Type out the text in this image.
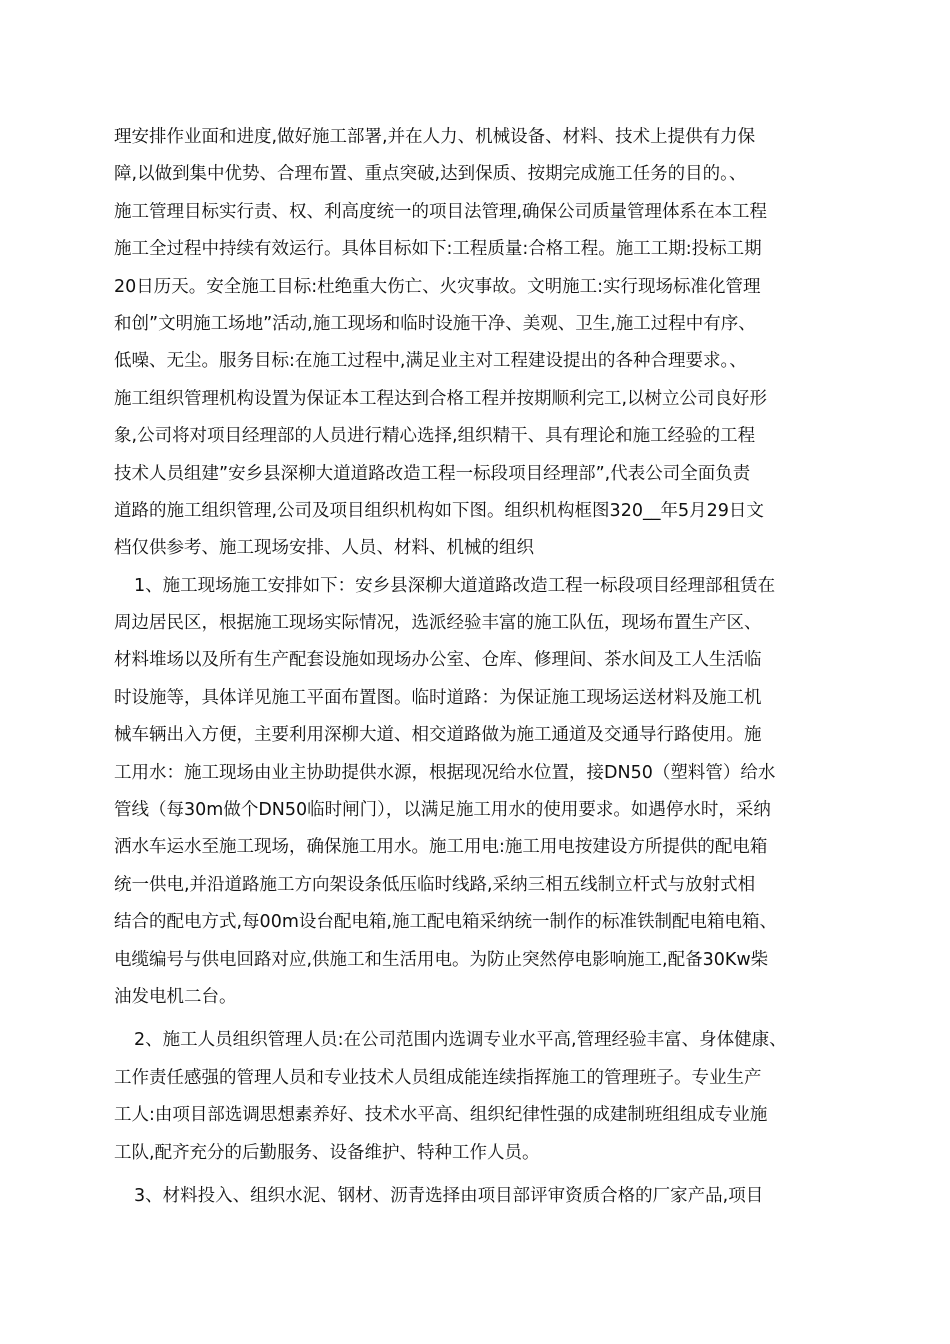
理安排作业面和进度,做好施工部署,并在人力、机械设备、材料、技术上提供有力保
障,以做到集中优势、合理布置、重点突破,达到保质、按期完成施工任务的目的。、
施工管理目标实行责、权、利高度统一的项目法管理,确保公司质量管理体系在本工程
施工全过程中持续有效运行。具体目标如下:工程质量:合格工程。施工工期:投标工期
20日历天。安全施工目标:杜绝重大伤亡、火灾事故。文明施工:实行现场标准化管理
和创”文明施工场地”活动,施工现场和临时设施干净、美观、卫生,施工过程中有序、
低噪、无尘。服务目标:在施工过程中,满足业主对工程建设提出的各种合理要求。、
施工组织管理机构设置为保证本工程达到合格工程并按期顺利完工,以树立公司良好形
象,公司将对项目经理部的人员进行精心选择,组织精干、具有理论和施工经验的工程
技术人员组建”安乡县深柳大道道路改造工程一标段项目经理部”,代表公司全面负责
道路的施工组织管理,公司及项目组织机构如下图。组织机构框图320__年5月29日文
档仅供参考、施工现场安排、人员、材料、机械的组织
1、施工现场施工安排如下：安乡县深柳大道道路改造工程一标段项目经理部租赁在
周边居民区，根据施工现场实际情况，选派经验丰富的施工队伍，现场布置生产区、
材料堆场以及所有生产配套设施如现场办公室、仓库、修理间、茶水间及工人生活临
时设施等，具体详见施工平面布置图。临时道路：为保证施工现场运送材料及施工机
械车辆出入方便，主要利用深柳大道、相交道路做为施工通道及交通导行路使用。施
工用水：施工现场由业主协助提供水源，根据现况给水位置，接DN50（塑料管）给水
管线（每30m做个DN50临时闸门），以满足施工用水的使用要求。如遇停水时，采纳
洒水车运水至施工现场，确保施工用水。施工用电:施工用电按建设方所提供的配电箱
统一供电,并沿道路施工方向架设条低压临时线路,采纳三相五线制立杆式与放射式相
结合的配电方式,每00m设台配电箱,施工配电箱采纳统一制作的标准铁制配电箱电箱、
电缆编号与供电回路对应,供施工和生活用电。为防止突然停电影响施工,配备30Kw柴
油发电机二台。
2、施工人员组织管理人员:在公司范围内选调专业水平高,管理经验丰富、身体健康、
工作责任感强的管理人员和专业技术人员组成能连续指挥施工的管理班子。专业生产
工人:由项目部选调思想素养好、技术水平高、组织纪律性强的成建制班组组成专业施
工队,配齐充分的后勤服务、设备维护、特种工作人员。
3、材料投入、组织水泥、钢材、沥青选择由项目部评审资质合格的厂家产品,项目
